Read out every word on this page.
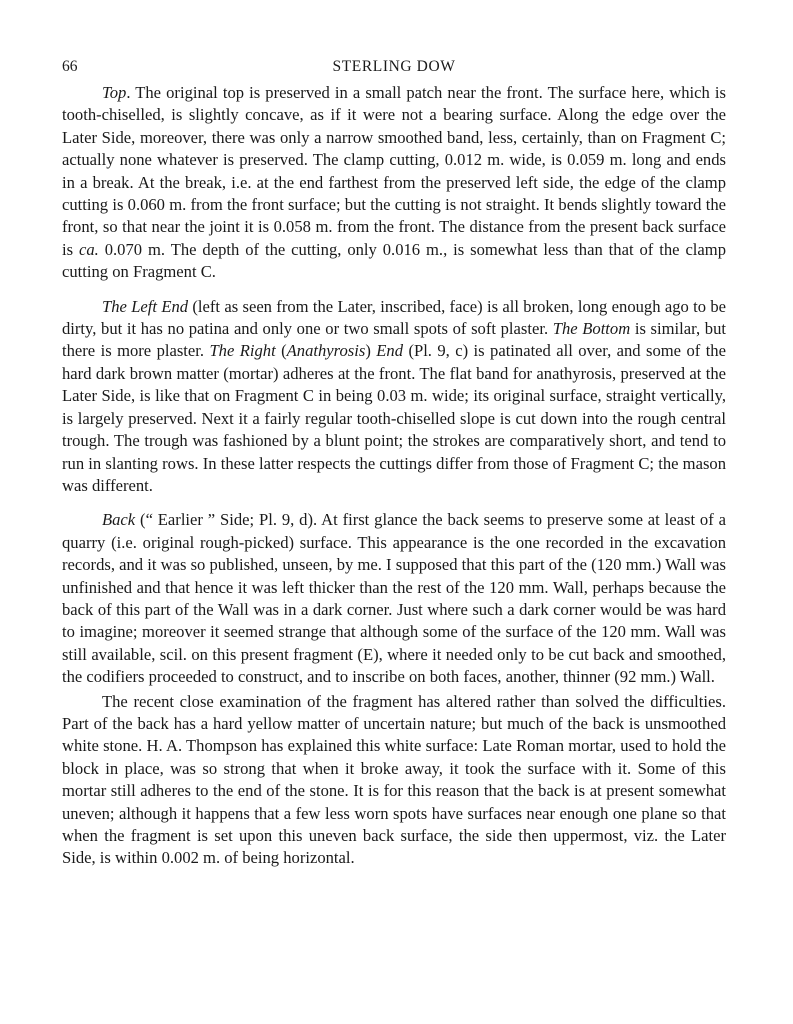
66	STERLING DOW

Top. The original top is preserved in a small patch near the front. The surface here, which is tooth-chiselled, is slightly concave, as if it were not a bearing surface. Along the edge over the Later Side, moreover, there was only a narrow smoothed band, less, certainly, than on Fragment C; actually none whatever is preserved. The clamp cutting, 0.012 m. wide, is 0.059 m. long and ends in a break. At the break, i.e. at the end farthest from the preserved left side, the edge of the clamp cutting is 0.060 m. from the front surface; but the cutting is not straight. It bends slightly toward the front, so that near the joint it is 0.058 m. from the front. The distance from the present back surface is ca. 0.070 m. The depth of the cutting, only 0.016 m., is somewhat less than that of the clamp cutting on Fragment C.

The Left End (left as seen from the Later, inscribed, face) is all broken, long enough ago to be dirty, but it has no patina and only one or two small spots of soft plaster. The Bottom is similar, but there is more plaster. The Right (Anathyrosis) End (Pl. 9, c) is patinated all over, and some of the hard dark brown matter (mortar) adheres at the front. The flat band for anathyrosis, preserved at the Later Side, is like that on Fragment C in being 0.03 m. wide; its original surface, straight vertically, is largely preserved. Next it a fairly regular tooth-chiselled slope is cut down into the rough central trough. The trough was fashioned by a blunt point; the strokes are comparatively short, and tend to run in slanting rows. In these latter respects the cuttings differ from those of Fragment C; the mason was different.

Back (“ Earlier ” Side; Pl. 9, d). At first glance the back seems to preserve some at least of a quarry (i.e. original rough-picked) surface. This appearance is the one recorded in the excavation records, and it was so published, unseen, by me. I supposed that this part of the (120 mm.) Wall was unfinished and that hence it was left thicker than the rest of the 120 mm. Wall, perhaps because the back of this part of the Wall was in a dark corner. Just where such a dark corner would be was hard to imagine; moreover it seemed strange that although some of the surface of the 120 mm. Wall was still available, scil. on this present fragment (E), where it needed only to be cut back and smoothed, the codifiers proceeded to construct, and to inscribe on both faces, another, thinner (92 mm.) Wall.

The recent close examination of the fragment has altered rather than solved the difficulties. Part of the back has a hard yellow matter of uncertain nature; but much of the back is unsmoothed white stone. H. A. Thompson has explained this white surface: Late Roman mortar, used to hold the block in place, was so strong that when it broke away, it took the surface with it. Some of this mortar still adheres to the end of the stone. It is for this reason that the back is at present somewhat uneven; although it happens that a few less worn spots have surfaces near enough one plane so that when the fragment is set upon this uneven back surface, the side then uppermost, viz. the Later Side, is within 0.002 m. of being horizontal.
